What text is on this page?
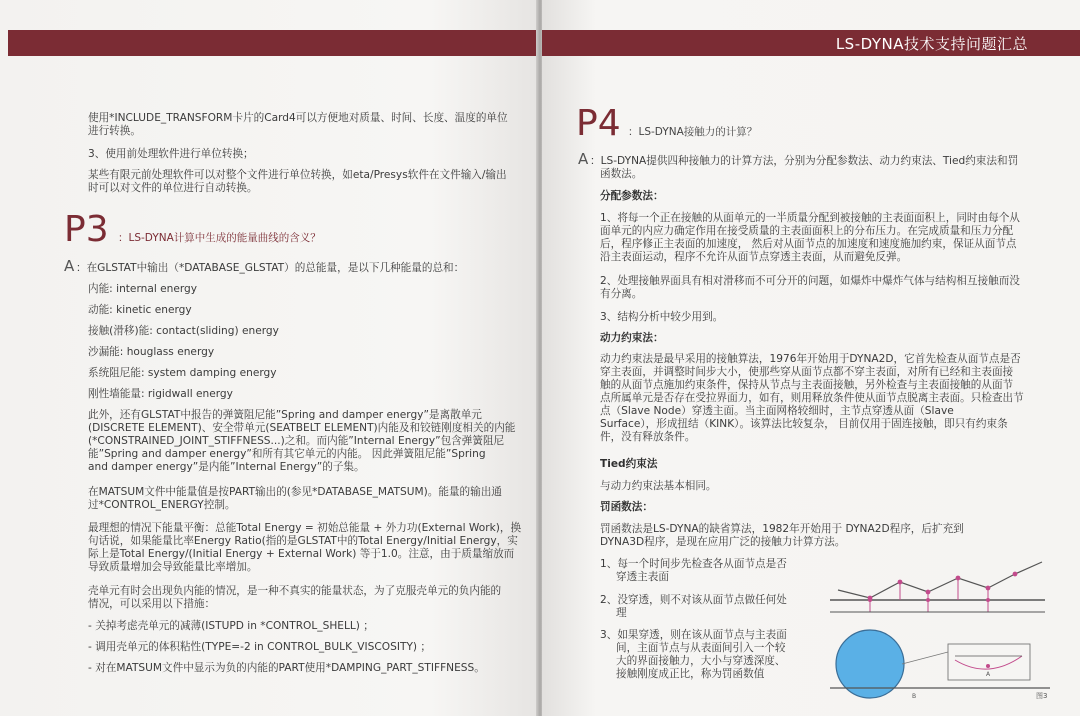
使用*INCLUDE_TRANSFORM卡片的Card4可以方便地对质量、时间、长度、温度的单位
进行转换。
3、使用前处理软件进行单位转换；
某些有限元前处理软件可以对整个文件进行单位转换，如eta/Presys软件在文件输入/输出
时可以对文件的单位进行自动转换。
P3 ：LS-DYNA计算中生成的能量曲线的含义？
A ：在GLSTAT中输出（*DATABASE_GLSTAT）的总能量，是以下几种能量的总和：
内能: internal energy
动能: kinetic energy
接触(滑移)能: contact(sliding) energy
沙漏能: houglass energy
系统阻尼能: system damping energy
刚性墙能量: rigidwall energy
此外，还有GLSTAT中报告的弹簧阻尼能”Spring and damper energy”是离散单元
(DISCRETE ELEMENT)、安全带单元(SEATBELT ELEMENT)内能及和铰链刚度相关的内能
(*CONSTRAINED_JOINT_STIFFNESS...)之和。而内能”Internal Energy”包含弹簧阻尼
能”Spring and damper energy”和所有其它单元的内能。 因此弹簧阻尼能”Spring
and damper energy”是内能”Internal Energy”的子集。
在MATSUM文件中能量值是按PART输出的(参见*DATABASE_MATSUM)。能量的输出通
过*CONTROL_ENERGY控制。
最理想的情况下能量平衡：总能Total Energy = 初始总能量 + 外力功(External Work)，换
句话说，如果能量比率Energy Ratio(指的是GLSTAT中的Total Energy/Initial Energy，实
际上是Total Energy/(Initial Energy + External Work) 等于1.0。注意，由于质量缩放而
导致质量增加会导致能量比率增加。
壳单元有时会出现负内能的情况，是一种不真实的能量状态，为了克服壳单元的负内能的
情况，可以采用以下措施：
- 关掉考虑壳单元的减薄(ISTUPD in *CONTROL_SHELL) ；
- 调用壳单元的体积粘性(TYPE=-2 in CONTROL_BULK_VISCOSITY) ；
- 对在MATSUM文件中显示为负的内能的PART使用*DAMPING_PART_STIFFNESS。
LS-DYNA技术支持问题汇总
P4 ：LS-DYNA接触力的计算？
A ：LS-DYNA提供四种接触力的计算方法，分别为分配参数法、动力约束法、Tied约束法和罚
函数法。
分配参数法：
1、将每一个正在接触的从面单元的一半质量分配到被接触的主表面面积上，同时由每个从
面单元的内应力确定作用在接受质量的主表面面积上的分布压力。在完成质量和压力分配
后，程序修正主表面的加速度， 然后对从面节点的加速度和速度施加约束，保证从面节点
沿主表面运动，程序不允许从面节点穿透主表面，从而避免反弹。
2、处理接触界面具有相对滑移而不可分开的问题，如爆炸中爆炸气体与结构相互接触而没
有分离。
3、结构分析中较少用到。
动力约束法：
动力约束法是最早采用的接触算法，1976年开始用于DYNA2D，它首先检查从面节点是否
穿主表面，并调整时间步大小，使那些穿从面节点都不穿主表面，对所有已经和主表面接
触的从面节点施加约束条件，保持从节点与主表面接触，另外检查与主表面接触的从面节
点所属单元是否存在受拉界面力，如有，则用释放条件使从面节点脱离主表面。只检查出节
点（Slave Node）穿透主面。当主面网格较细时，主节点穿透从面（Slave
Surface），形成扭结（KINK）。该算法比较复杂， 目前仅用于固连接触，即只有约束条
件，没有释放条件。
Tied约束法
与动力约束法基本相同。
罚函数法：
罚函数法是LS-DYNA的缺省算法，1982年开始用于 DYNA2D程序，后扩充到
DYNA3D程序，是现在应用广泛的接触力计算方法。
1、每一个时间步先检查各从面节点是否
穿透主表面
2、没穿透，则不对该从面节点做任何处
理
3、如果穿透，则在该从面节点与主表面
间，主面节点与从表面间引入一个较
大的界面接触力，大小与穿透深度、
接触刚度成正比，称为罚函数值	A
B	图3
